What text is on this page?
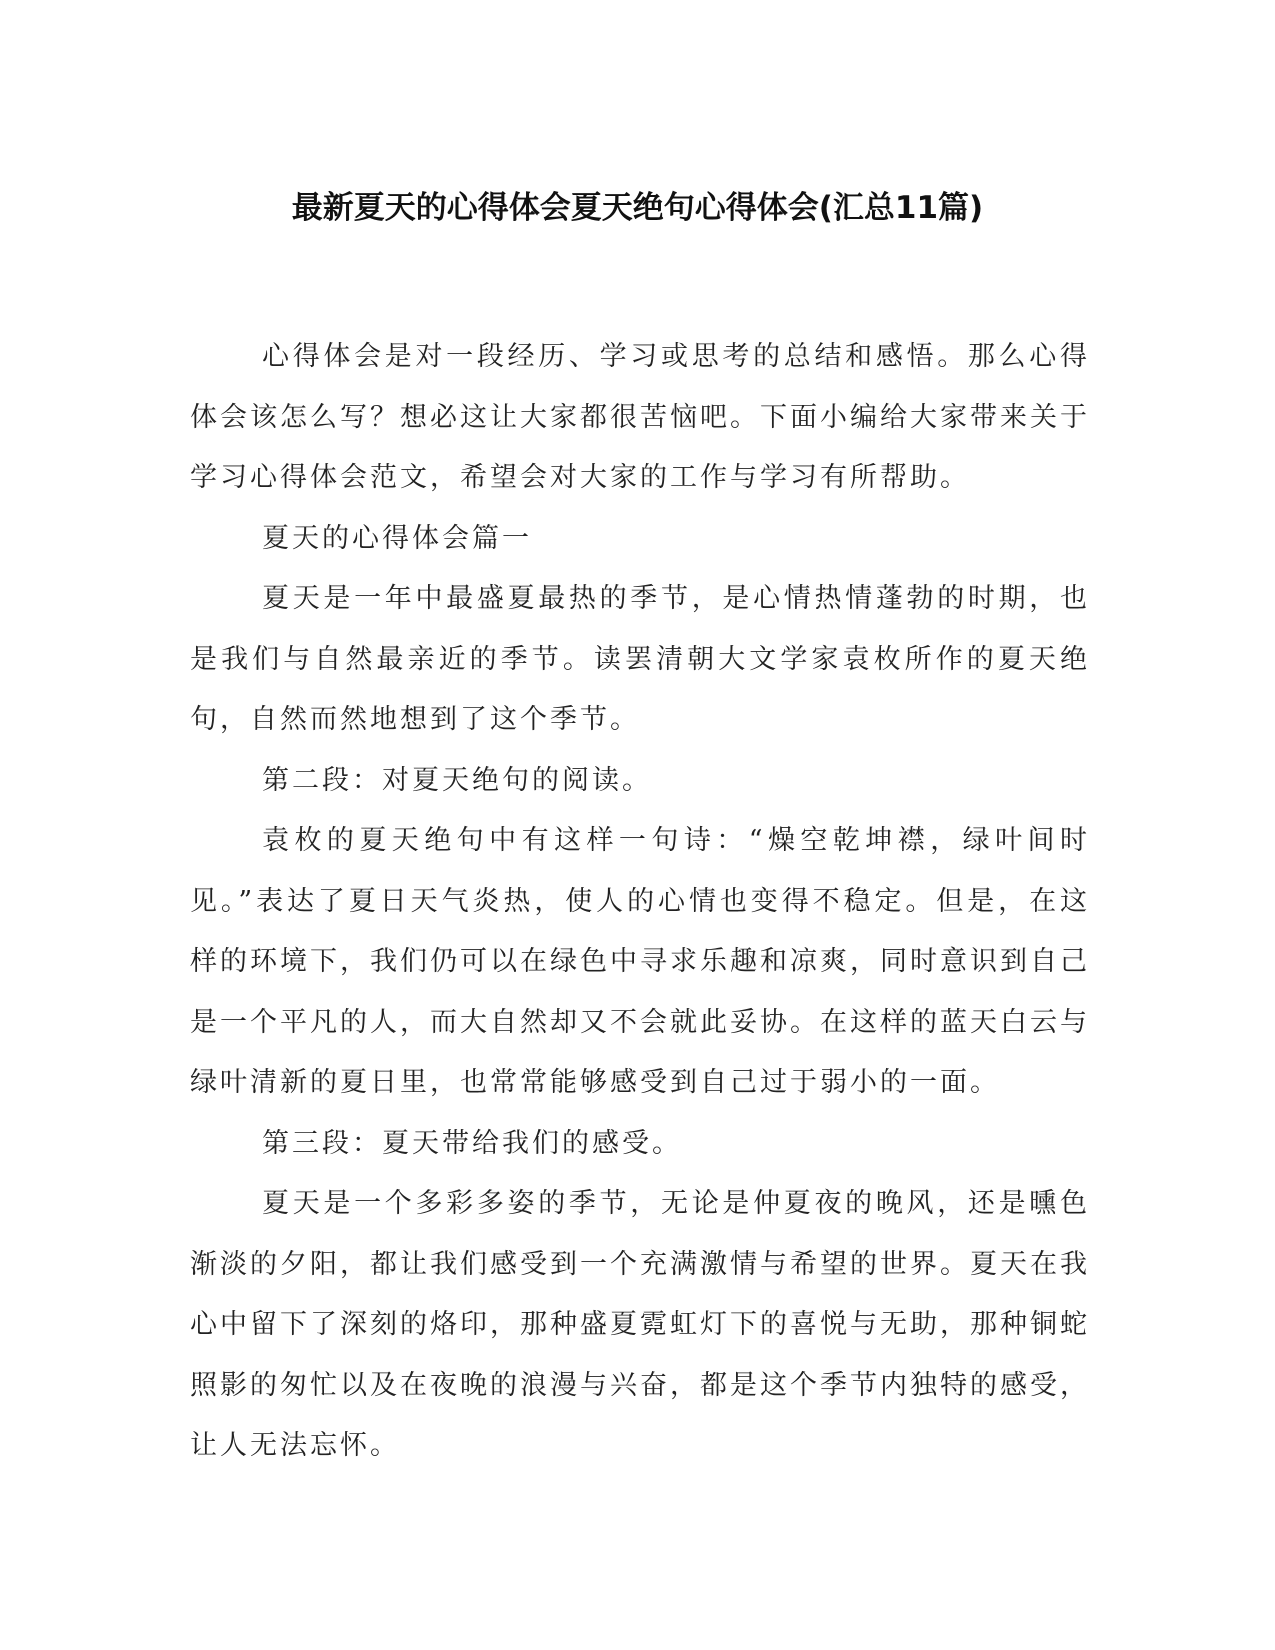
最新夏天的心得体会夏天绝句心得体会(汇总11篇)

心得体会是对一段经历、学习或思考的总结和感悟。那么心得体会该怎么写？想必这让大家都很苦恼吧。下面小编给大家带来关于学习心得体会范文，希望会对大家的工作与学习有所帮助。

夏天的心得体会篇一

夏天是一年中最盛夏最热的季节，是心情热情蓬勃的时期，也是我们与自然最亲近的季节。读罢清朝大文学家袁枚所作的夏天绝句，自然而然地想到了这个季节。

第二段：对夏天绝句的阅读。

袁枚的夏天绝句中有这样一句诗：“燥空乾坤襟，绿叶间时见。”表达了夏日天气炎热，使人的心情也变得不稳定。但是，在这样的环境下，我们仍可以在绿色中寻求乐趣和凉爽，同时意识到自己是一个平凡的人，而大自然却又不会就此妥协。在这样的蓝天白云与绿叶清新的夏日里，也常常能够感受到自己过于弱小的一面。

第三段：夏天带给我们的感受。

夏天是一个多彩多姿的季节，无论是仲夏夜的晚风，还是曛色渐淡的夕阳，都让我们感受到一个充满激情与希望的世界。夏天在我心中留下了深刻的烙印，那种盛夏霓虹灯下的喜悦与无助，那种铜蛇照影的匆忙以及在夜晚的浪漫与兴奋，都是这个季节内独特的感受，让人无法忘怀。
